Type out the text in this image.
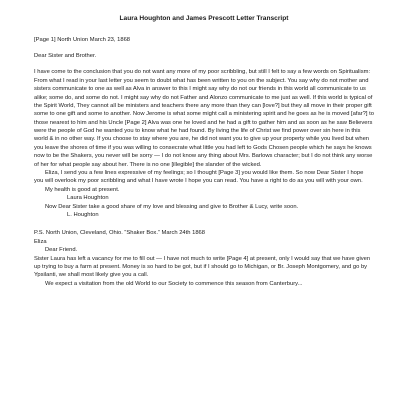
Laura Houghton and James Prescott Letter Transcript

[Page 1] North Union March 23, 1868

Dear Sister and Brother.

I have come to the conclusion that you do not want any more of my poor scribbling, but still I felt to say a few words on Spiritualism: From what I read in your last letter you seem to doubt what has been written to you on the subject. You say why do not mother and sisters communicate to one as well as Alva in answer to this I might say why do not our friends in this world all communicate to us alike; some do, and some do not. I might say why do not Father and Alonzo communicate to me just as well. If this world is typical of the Spirit World, They cannot all be ministers and teachers there any more than they can [love?] but they all move in their proper gift some to one gift and some to another. Now Jerome is what some might call a ministering spirit and he goes as he is moved [afar?] to those nearest to him and his Uncle [Page 2] Alva was one he loved and he had a gift to gather him and as soon as he saw Believers were the people of God he wanted you to know what he had found. By living the life of Christ we find power over sin here in this world & in no other way. If you choose to stay where you are, he did not want you to give up your property while you lived but when you leave the shores of time if you was willing to consecrate what little you had left to Gods Chosen people which he says he knows now to be the Shakers, you never will be sorry — I do not know any thing about Mrs. Barlows character; but I do not think any worse of her for what people say about her. There is no one [illegible] the slander of the wicked.

Eliza, I send you a few lines expressive of my feelings; so I thought [Page 3] you would like them. So now Dear Sister I hope you will overlook my poor scribbling and what I have wrote I hope you can read. You have a right to do as you will with your own.

My health is good at present.

Laura Houghton

Now Dear Sister take a good share of my love and blessing and give to Brother & Lucy, write soon.

L. Houghton

P.S. North Union, Cleveland, Ohio. “Shaker Box.” March 24th 1868

Eliza

Dear Friend.

Sister Laura has left a vacancy for me to fill out — I have not much to write [Page 4] at present, only I would say that we have given up trying to buy a farm at present. Money is so hard to be got, but if I should go to Michigan, or Br. Joseph Montgomery, and go by Ypsilanti, we shall most likely give you a call.

We expect a visitation from the old World to our Society to commence this season from Canterbury...
